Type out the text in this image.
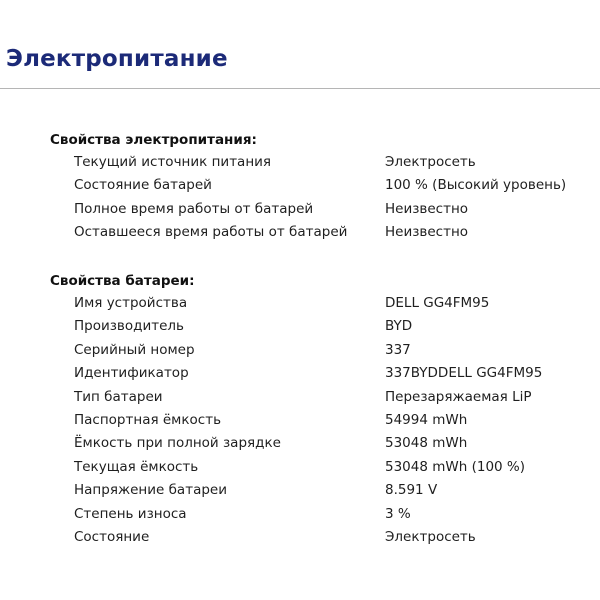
Электропитание
Свойства электропитания:
Текущий источник питания	Электросеть
Состояние батарей	100 % (Высокий уровень)
Полное время работы от батарей	Неизвестно
Оставшееся время работы от батарей	Неизвестно
Свойства батареи:
Имя устройства	DELL GG4FM95
Производитель	BYD
Серийный номер	337
Идентификатор	337BYDDELL GG4FM95
Тип батареи	Перезаряжаемая LiP
Паспортная ёмкость	54994 mWh
Ёмкость при полной зарядке	53048 mWh
Текущая ёмкость	53048 mWh (100 %)
Напряжение батареи	8.591 V
Степень износа	3 %
Состояние	Электросеть
